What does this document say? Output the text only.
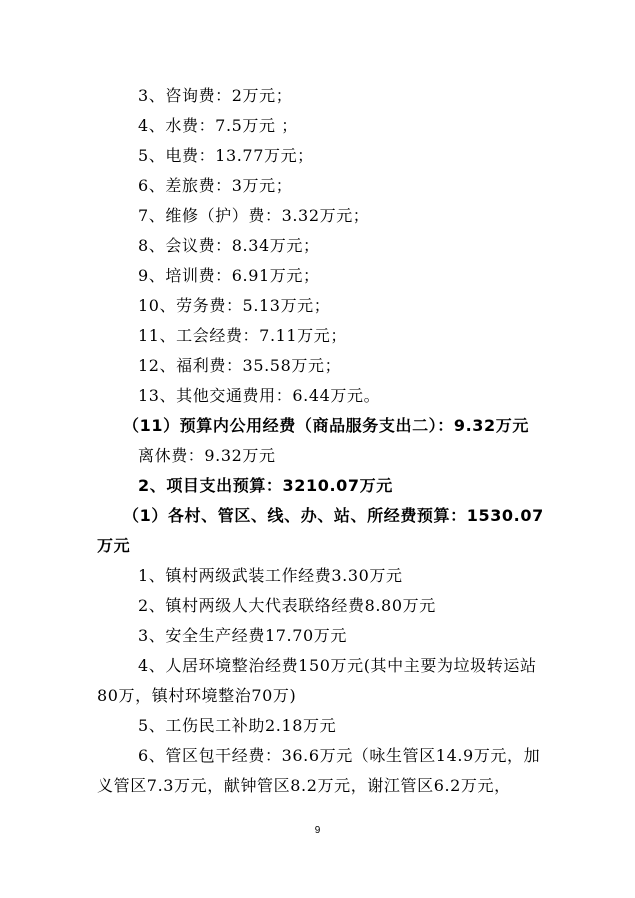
3、咨询费：2万元；
4、水费：7.5万元 ；
5、电费：13.77万元；
6、差旅费：3万元；
7、维修（护）费：3.32万元；
8、会议费：8.34万元；
9、培训费：6.91万元；
10、劳务费：5.13万元；
11、工会经费：7.11万元；
12、福利费：35.58万元；
13、其他交通费用：6.44万元。
（11）预算内公用经费（商品服务支出二）：9.32万元
离休费：9.32万元
2、项目支出预算：3210.07万元
（1）各村、管区、线、办、站、所经费预算：1530.07
万元
1、镇村两级武装工作经费3.30万元
2、镇村两级人大代表联络经费8.80万元
3、安全生产经费17.70万元
4、人居环境整治经费150万元(其中主要为垃圾转运站
80万，镇村环境整治70万)
5、工伤民工补助2.18万元
6、管区包干经费：36.6万元（咏生管区14.9万元，加
义管区7.3万元，献钟管区8.2万元，谢江管区6.2万元，
9
